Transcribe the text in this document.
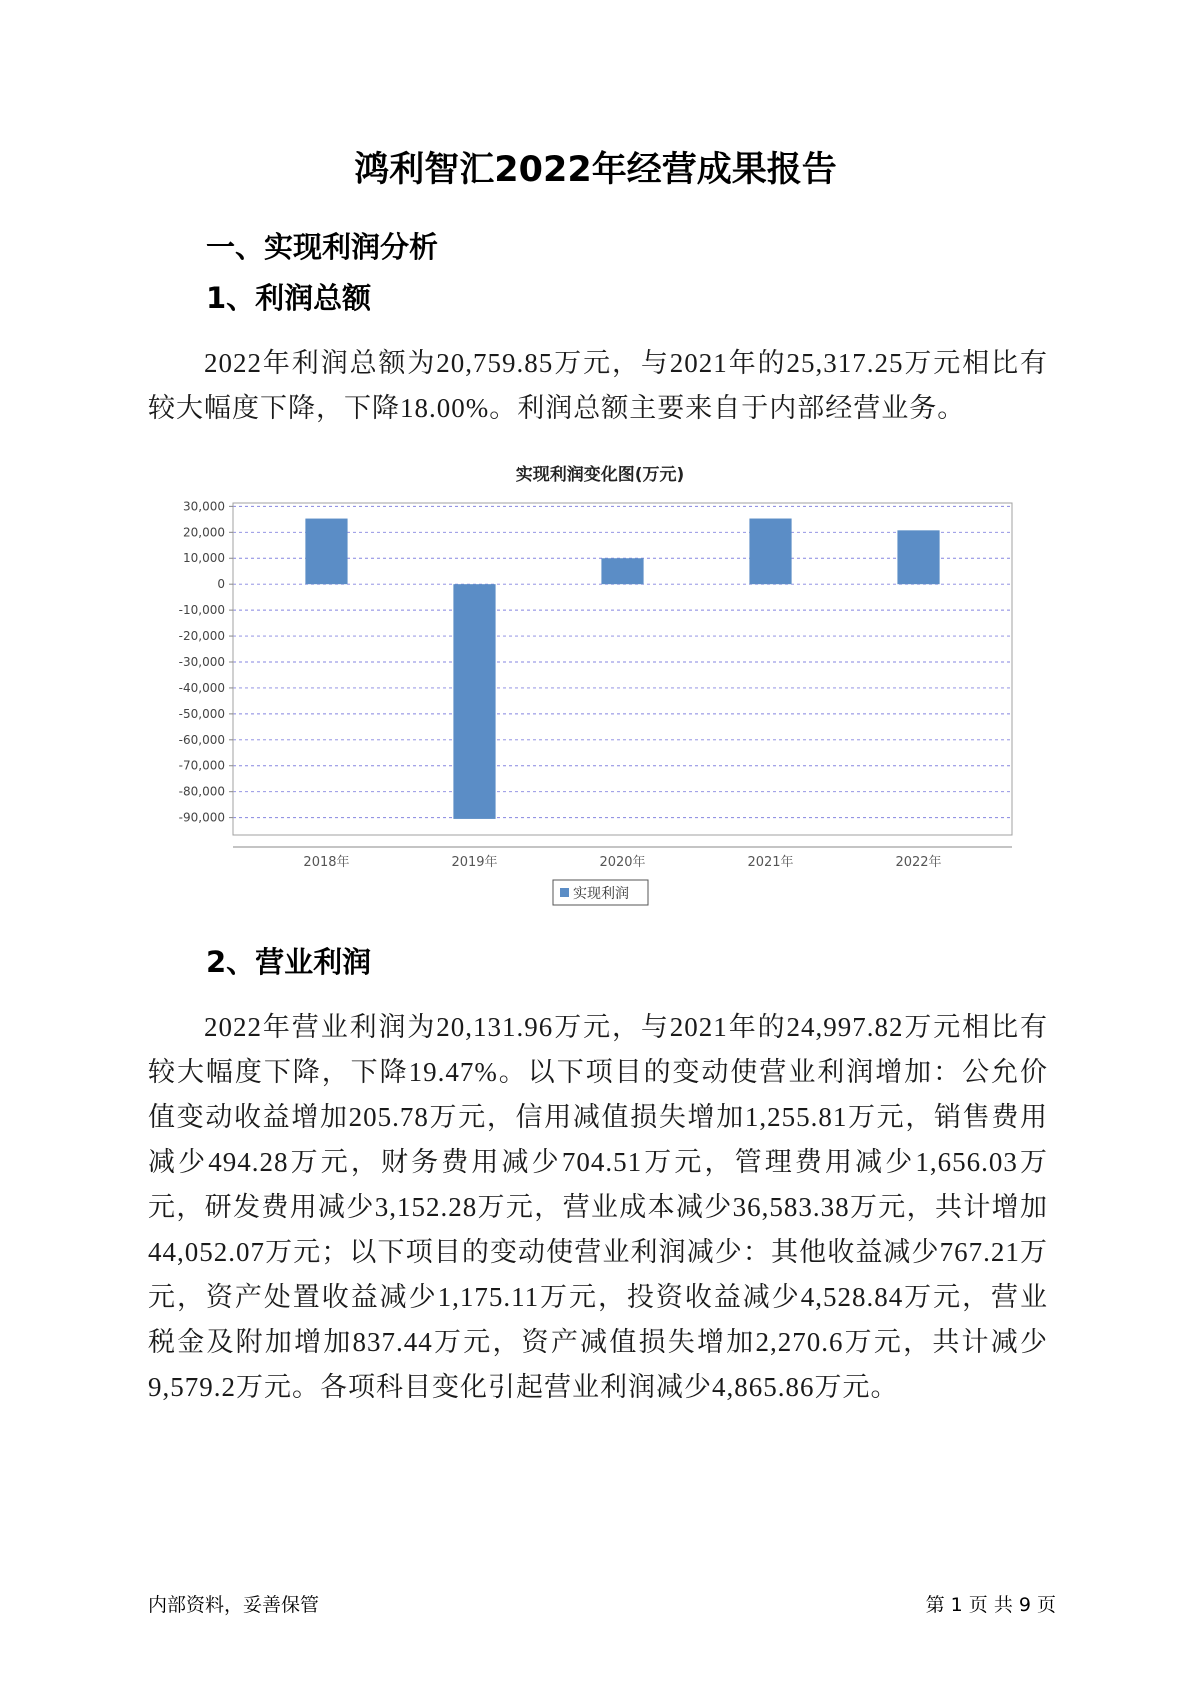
鸿利智汇2022年经营成果报告
一、实现利润分析
1、利润总额
2022年利润总额为20,759.85万元，与2021年的25,317.25万元相比有较大幅度下降，下降18.00%。利润总额主要来自于内部经营业务。
实现利润变化图(万元)
30,000
20,000
10,000
0
-10,000
-20,000
-30,000
-40,000
-50,000
-60,000
-70,000
-80,000
-90,000
2018年	2019年	2020年	2021年	2022年
实现利润
2、营业利润
2022年营业利润为20,131.96万元，与2021年的24,997.82万元相比有较大幅度下降，下降19.47%。以下项目的变动使营业利润增加：公允价值变动收益增加205.78万元，信用减值损失增加1,255.81万元，销售费用减少494.28万元，财务费用减少704.51万元，管理费用减少1,656.03万元，研发费用减少3,152.28万元，营业成本减少36,583.38万元，共计增加44,052.07万元；以下项目的变动使营业利润减少：其他收益减少767.21万元，资产处置收益减少1,175.11万元，投资收益减少4,528.84万元，营业税金及附加增加837.44万元，资产减值损失增加2,270.6万元，共计减少9,579.2万元。各项科目变化引起营业利润减少4,865.86万元。
内部资料，妥善保管	第 1 页 共 9 页
